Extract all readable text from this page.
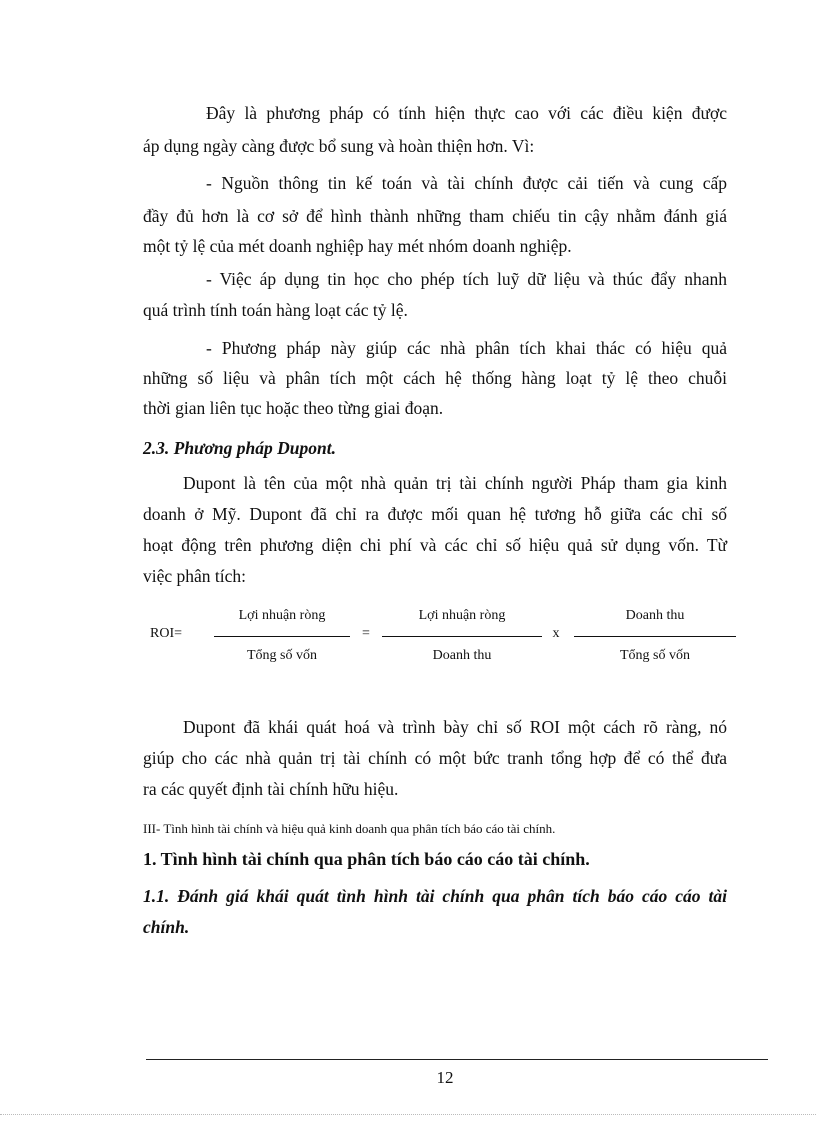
Đây là phương pháp có tính hiện thực cao với các điều kiện được
áp dụng ngày càng được bổ sung và hoàn thiện hơn. Vì:
- Nguồn thông tin kế toán và tài chính được cải tiến và cung cấp
đầy đủ hơn là cơ sở để hình thành những tham chiếu tin cậy nhằm đánh giá
một tỷ lệ của mét doanh nghiệp hay mét nhóm doanh nghiệp.
- Việc áp dụng tin học cho phép tích luỹ dữ liệu và thúc đẩy nhanh
quá trình tính toán hàng loạt các tỷ lệ.
- Phương pháp này giúp các nhà phân tích khai thác có hiệu quả
những số liệu và phân tích một cách hệ thống hàng loạt tỷ lệ theo chuỗi
thời gian liên tục hoặc theo từng giai đoạn.
2.3. Phương pháp Dupont.
Dupont là tên của một nhà quản trị tài chính người Pháp tham gia kinh
doanh ở Mỹ. Dupont đã chỉ ra được mối quan hệ tương hỗ giữa các chỉ số
hoạt động trên phương diện chi phí và các chỉ số hiệu quả sử dụng vốn. Từ
việc phân tích:
ROI=
Lợi nhuận ròng
Tổng số vốn
=
Lợi nhuận ròng
Doanh thu
x
Doanh thu
Tổng số vốn
Dupont đã khái quát hoá và trình bày chỉ số ROI một cách rõ ràng, nó
giúp cho các nhà quản trị tài chính có một bức tranh tổng hợp để có thể đưa
ra các quyết định tài chính hữu hiệu.
III- Tình hình tài chính và hiệu quả kinh doanh qua phân tích báo cáo tài chính.
1. Tình hình tài chính qua phân tích báo cáo cáo tài chính.
1.1. Đánh giá khái quát tình hình tài chính qua phân tích báo cáo cáo tài
chính.
12
